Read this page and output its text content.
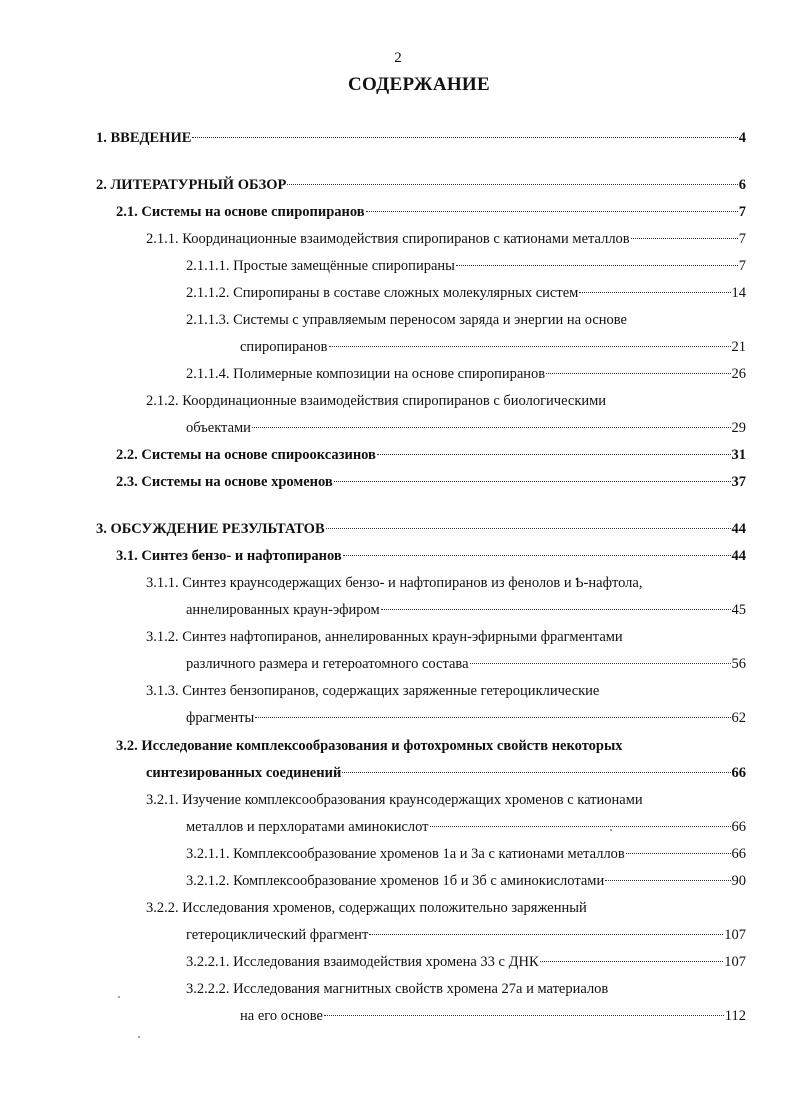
2
СОДЕРЖАНИЕ
1. ВВЕДЕНИЕ	4
2. ЛИТЕРАТУРНЫЙ ОБЗОР	6
2.1. Системы на основе спиропиранов	7
2.1.1. Координационные взаимодействия спиропиранов с катионами металлов	7
2.1.1.1. Простые замещённые спиропираны	7
2.1.1.2. Спиропираны в составе сложных молекулярных систем	14
2.1.1.3. Системы с управляемым переносом заряда и энергии на основе
спиропиранов	21
2.1.1.4. Полимерные композиции на основе спиропиранов	26
2.1.2. Координационные взаимодействия спиропиранов с биологическими
объектами	29
2.2. Системы на основе спирооксазинов	31
2.3. Системы на основе хроменов	37
3. ОБСУЖДЕНИЕ РЕЗУЛЬТАТОВ	44
3.1. Синтез бензо- и нафтопиранов	44
3.1.1. Синтез краунсодержащих бензо- и нафтопиранов из фенолов и Ƅ-нафтола,
аннелированных краун-эфиром	45
3.1.2. Синтез нафтопиранов, аннелированных краун-эфирными фрагментами
различного размера и гетероатомного состава	56
3.1.3. Синтез бензопиранов, содержащих заряженные гетероциклические
фрагменты	62
3.2. Исследование комплексообразования и фотохромных свойств некоторых
синтезированных соединений	66
3.2.1. Изучение комплексообразования краунсодержащих хроменов с катионами
металлов и перхлоратами аминокислот	66
3.2.1.1. Комплексообразование хроменов 1а и 3а с катионами металлов	66
3.2.1.2. Комплексообразование хроменов 1б и 3б с аминокислотами	90
3.2.2. Исследования хроменов, содержащих положительно заряженный
гетероциклический фрагмент	107
3.2.2.1. Исследования взаимодействия хромена 33 с ДНК	107
3.2.2.2. Исследования магнитных свойств хромена 27а и материалов
на его основе	112
